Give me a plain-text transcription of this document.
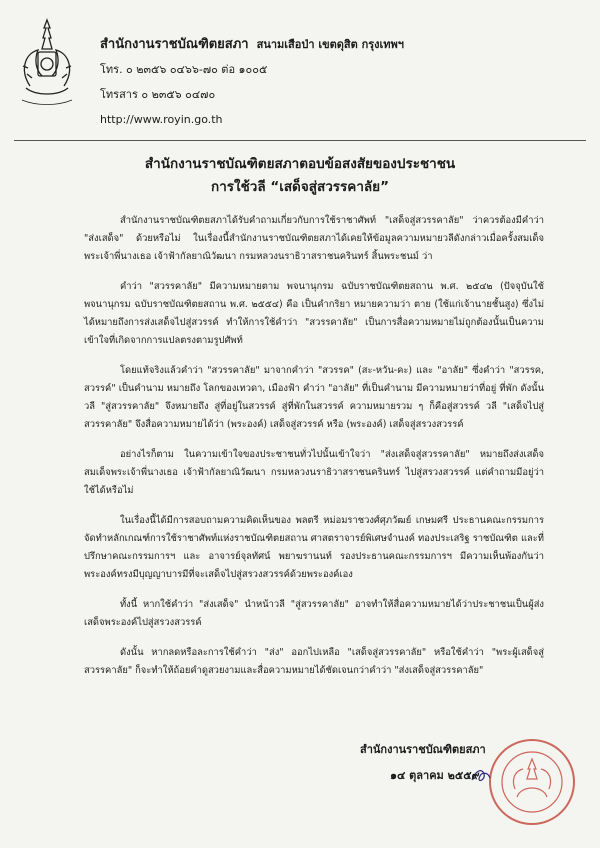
สำนักงานราชบัณฑิตยสภา สนามเสือป่า เขตดุสิต กรุงเทพฯ
โทร. ๐ ๒๓๕๖ ๐๔๖๖-๗๐ ต่อ ๑๐๐๕
โทรสาร ๐ ๒๓๕๖ ๐๔๗๐
http://www.royin.go.th
สำนักงานราชบัณฑิตยสภาตอบข้อสงสัยของประชาชน
การใช้วลี “เสด็จสู่สวรรคาลัย”

สำนักงานราชบัณฑิตยสภาได้รับคำถามเกี่ยวกับการใช้ราชาศัพท์ "เสด็จสู่สวรรคาลัย" ว่าควรต้องมีคำว่า "ส่งเสด็จ" ด้วยหรือไม่ ในเรื่องนี้สำนักงานราชบัณฑิตยสภาได้เคยให้ข้อมูลความหมายวลีดังกล่าวเมื่อครั้งสมเด็จพระเจ้าพี่นางเธอ เจ้าฟ้ากัลยาณิวัฒนา กรมหลวงนราธิวาสราชนครินทร์ สิ้นพระชนม์ ว่า

คำว่า "สวรรคาลัย" มีความหมายตาม พจนานุกรม ฉบับราชบัณฑิตยสถาน พ.ศ. ๒๕๔๒ (ปัจจุบันใช้ พจนานุกรม ฉบับราชบัณฑิตยสถาน พ.ศ. ๒๕๕๔) คือ เป็นคำกริยา หมายความว่า ตาย (ใช้แก่เจ้านายชั้นสูง) ซึ่งไม่ได้หมายถึงการส่งเสด็จไปสู่สวรรค์ ทำให้การใช้คำว่า "สวรรคาลัย" เป็นการสื่อความหมายไม่ถูกต้องนั้นเป็นความเข้าใจที่เกิดจากการแปลตรงตามรูปศัพท์

โดยแท้จริงแล้วคำว่า "สวรรคาลัย" มาจากคำว่า "สวรรค" (สะ-หวัน-คะ) และ "อาลัย" ซึ่งคำว่า "สวรรค, สวรรค์" เป็นคำนาม หมายถึง โลกของเทวดา, เมืองฟ้า คำว่า "อาลัย" ที่เป็นคำนาม มีความหมายว่าที่อยู่ ที่พัก ดังนั้น วลี "สู่สวรรคาลัย" จึงหมายถึง สู่ที่อยู่ในสวรรค์ สู่ที่พักในสวรรค์ ความหมายรวม ๆ ก็คือสู่สวรรค์ วลี "เสด็จไปสู่สวรรคาลัย" จึงสื่อความหมายได้ว่า (พระองค์) เสด็จสู่สวรรค์ หรือ (พระองค์) เสด็จสู่สรวงสวรรค์

อย่างไรก็ตาม ในความเข้าใจของประชาชนทั่วไปนั้นเข้าใจว่า "ส่งเสด็จสู่สวรรคาลัย" หมายถึงส่งเสด็จสมเด็จพระเจ้าพี่นางเธอ เจ้าฟ้ากัลยาณิวัฒนา กรมหลวงนราธิวาสราชนครินทร์ ไปสู่สรวงสวรรค์ แต่คำถามมีอยู่ว่า ใช้ได้หรือไม่

ในเรื่องนี้ได้มีการสอบถามความคิดเห็นของ พลตรี หม่อมราชวงศ์ศุภวัฒย์ เกษมศรี ประธานคณะกรรมการจัดทำหลักเกณฑ์การใช้ราชาศัพท์แห่งราชบัณฑิตยสถาน ศาสตราจารย์พิเศษจำนงค์ ทองประเสริฐ ราชบัณฑิต และที่ปรึกษาคณะกรรมการฯ และ อาจารย์จุลทัศน์ พยาฆรานนท์ รองประธานคณะกรรมการฯ มีความเห็นพ้องกันว่า พระองค์ทรงมีบุญญาบารมีที่จะเสด็จไปสู่สรวงสวรรค์ด้วยพระองค์เอง

ทั้งนี้ หากใช้คำว่า "ส่งเสด็จ" นำหน้าวลี "สู่สวรรคาลัย" อาจทำให้สื่อความหมายได้ว่าประชาชนเป็นผู้ส่งเสด็จพระองค์ไปสู่สรวงสวรรค์

ดังนั้น หากลดหรือละการใช้คำว่า "ส่ง" ออกไปเหลือ "เสด็จสู่สวรรคาลัย" หรือใช้คำว่า "พระผู้เสด็จสู่สวรรคาลัย" ก็จะทำให้ถ้อยคำดูสวยงามและสื่อความหมายได้ชัดเจนกว่าคำว่า "ส่งเสด็จสู่สวรรคาลัย"

สำนักงานราชบัณฑิตยสภา
๑๔ ตุลาคม ๒๕๕๙
